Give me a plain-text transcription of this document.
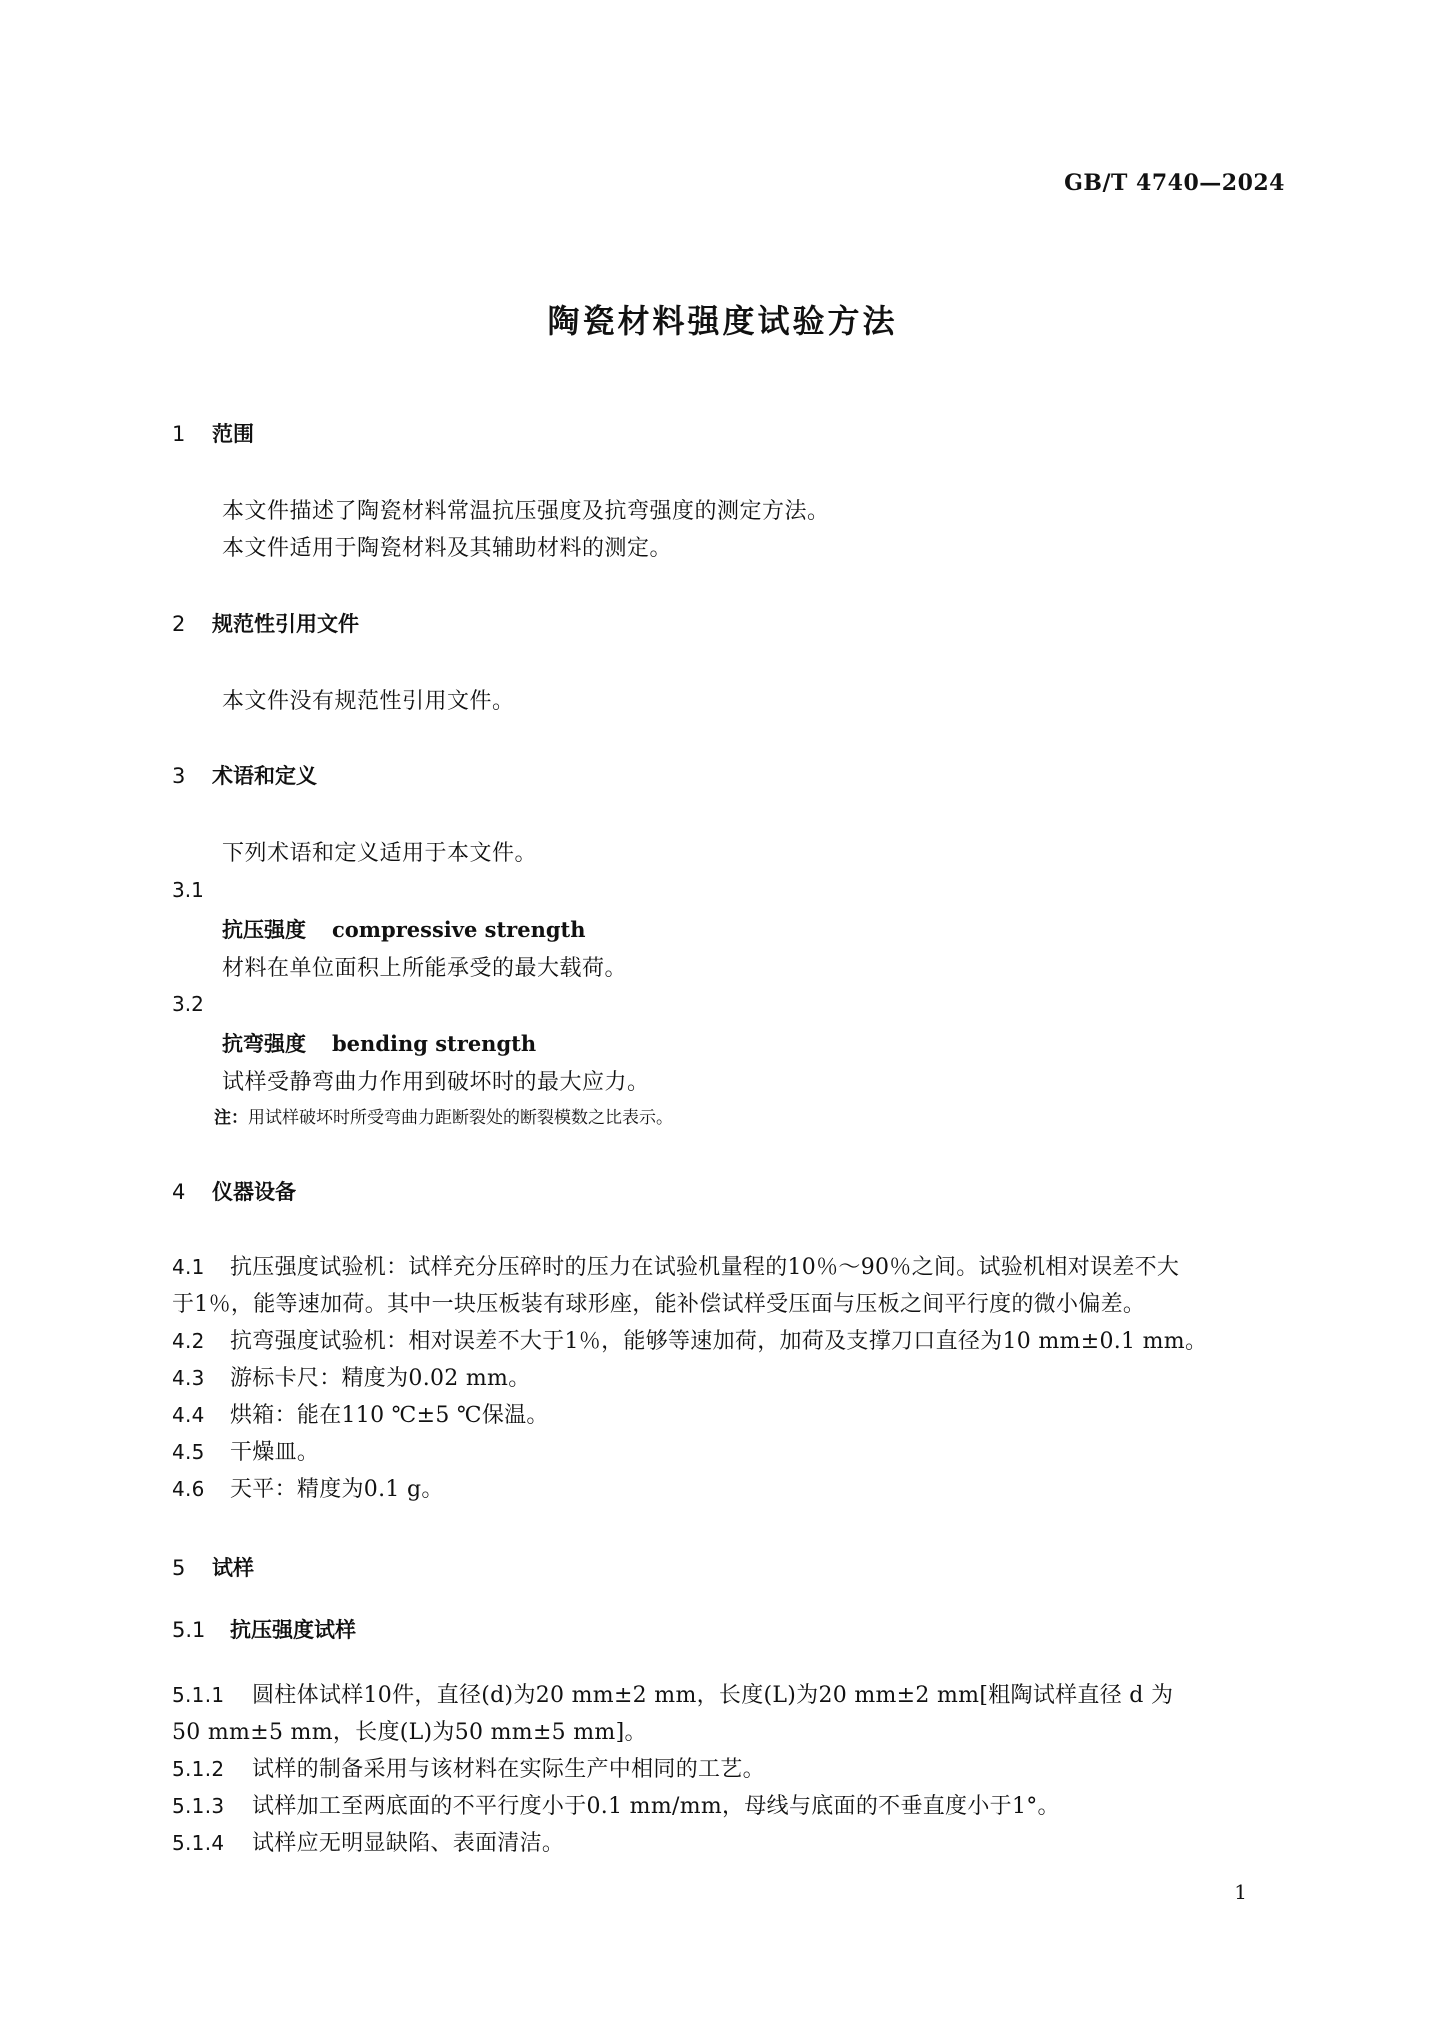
GB/T 4740—2024
陶瓷材料强度试验方法
1 范围
本文件描述了陶瓷材料常温抗压强度及抗弯强度的测定方法。
本文件适用于陶瓷材料及其辅助材料的测定。
2 规范性引用文件
本文件没有规范性引用文件。
3 术语和定义
下列术语和定义适用于本文件。
3.1
抗压强度 compressive strength
材料在单位面积上所能承受的最大载荷。
3.2
抗弯强度 bending strength
试样受静弯曲力作用到破坏时的最大应力。
注：用试样破坏时所受弯曲力距断裂处的断裂模数之比表示。
4 仪器设备
4.1 抗压强度试验机：试样充分压碎时的压力在试验机量程的10％～90％之间。试验机相对误差不大
于1％，能等速加荷。其中一块压板装有球形座，能补偿试样受压面与压板之间平行度的微小偏差。
4.2 抗弯强度试验机：相对误差不大于1％，能够等速加荷，加荷及支撑刀口直径为10 mm±0.1 mm。
4.3 游标卡尺：精度为0.02 mm。
4.4 烘箱：能在110 ℃±5 ℃保温。
4.5 干燥皿。
4.6 天平：精度为0.1 g。
5 试样
5.1 抗压强度试样
5.1.1 圆柱体试样10件，直径(d)为20 mm±2 mm，长度(L)为20 mm±2 mm[粗陶试样直径 d 为
50 mm±5 mm，长度(L)为50 mm±5 mm]。
5.1.2 试样的制备采用与该材料在实际生产中相同的工艺。
5.1.3 试样加工至两底面的不平行度小于0.1 mm/mm，母线与底面的不垂直度小于1°。
5.1.4 试样应无明显缺陷、表面清洁。
1
